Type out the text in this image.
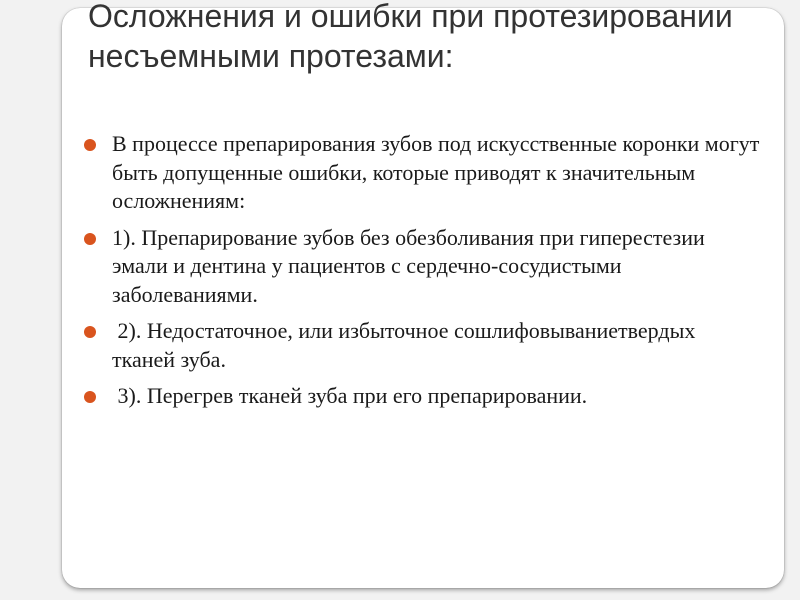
Осложнения и ошибки при протезировании несъемными протезами:
В процессе препарирования зубов под искусственные коронки могут быть допущенные ошибки, которые приводят к значительным осложнениям:
1). Препарирование зубов без обезболивания при гиперестезии эмали и дентина у пациентов с сердечно-сосудистыми заболеваниями.
2). Недостаточное, или избыточное сошлифовываниетвердых тканей зуба.
3). Перегрев тканей зуба при его препарировании.
